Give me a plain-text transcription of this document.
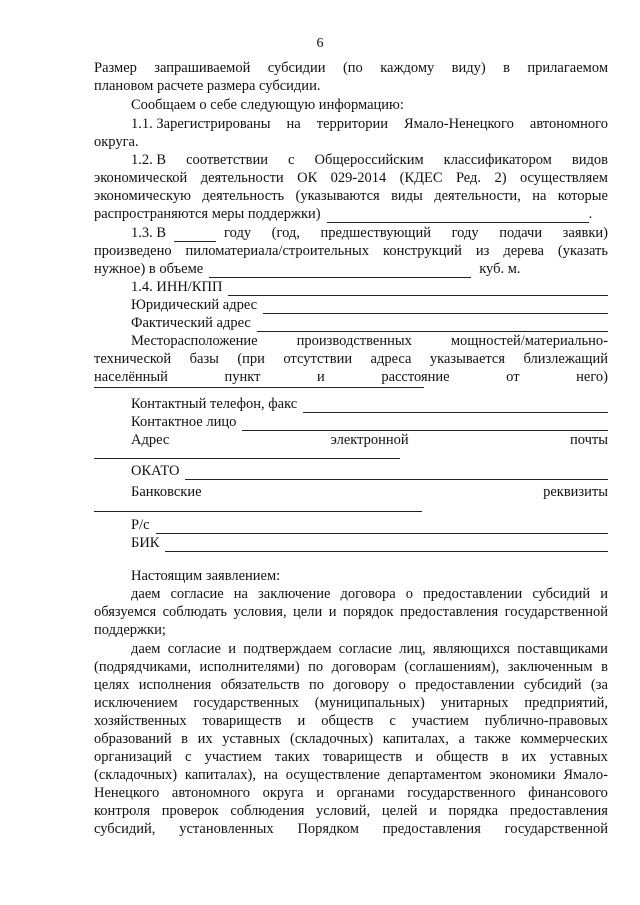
6
Размер запрашиваемой субсидии (по каждому виду) в прилагаемом
плановом расчете размера субсидии.
Сообщаем о себе следующую информацию:
1.1. Зарегистрированы на территории Ямало-Ненецкого автономного
округа.
1.2. В соответствии с Общероссийским классификатором видов
экономической деятельности ОК 029-2014 (КДЕС Ред. 2) осуществляем
экономическую деятельность (указываются виды деятельности, на которые
распространяются меры поддержки)	.
1.3. В	году (год, предшествующий году подачи заявки)
произведено пиломатериала/строительных конструкций из дерева (указать
нужное) в объеме	куб. м.
1.4. ИНН/КПП
Юридический адрес
Фактический адрес
Месторасположение	производственных	мощностей/материально-
технической базы (при отсутствии адреса указывается близлежащий
населённый	пункт	и	расстояние	от	него)
Контактный телефон, факс
Контактное лицо
Адрес	электронной	почты
ОКАТО
Банковские	реквизиты
Р/с
БИК
Настоящим заявлением:
даем согласие на заключение договора о предоставлении субсидий и
обязуемся соблюдать условия, цели и порядок предоставления государственной
поддержки;
даем согласие и подтверждаем согласие лиц, являющихся поставщиками
(подрядчиками, исполнителями) по договорам (соглашениям), заключенным в
целях исполнения обязательств по договору о предоставлении субсидий (за
исключением государственных (муниципальных) унитарных предприятий,
хозяйственных товариществ и обществ с участием публично-правовых
образований в их уставных (складочных) капиталах, а также коммерческих
организаций с участием таких товариществ и обществ в их уставных
(складочных) капиталах), на осуществление департаментом экономики Ямало-
Ненецкого автономного округа и органами государственного финансового
контроля проверок соблюдения условий, целей и порядка предоставления
субсидий, установленных Порядком предоставления государственной
